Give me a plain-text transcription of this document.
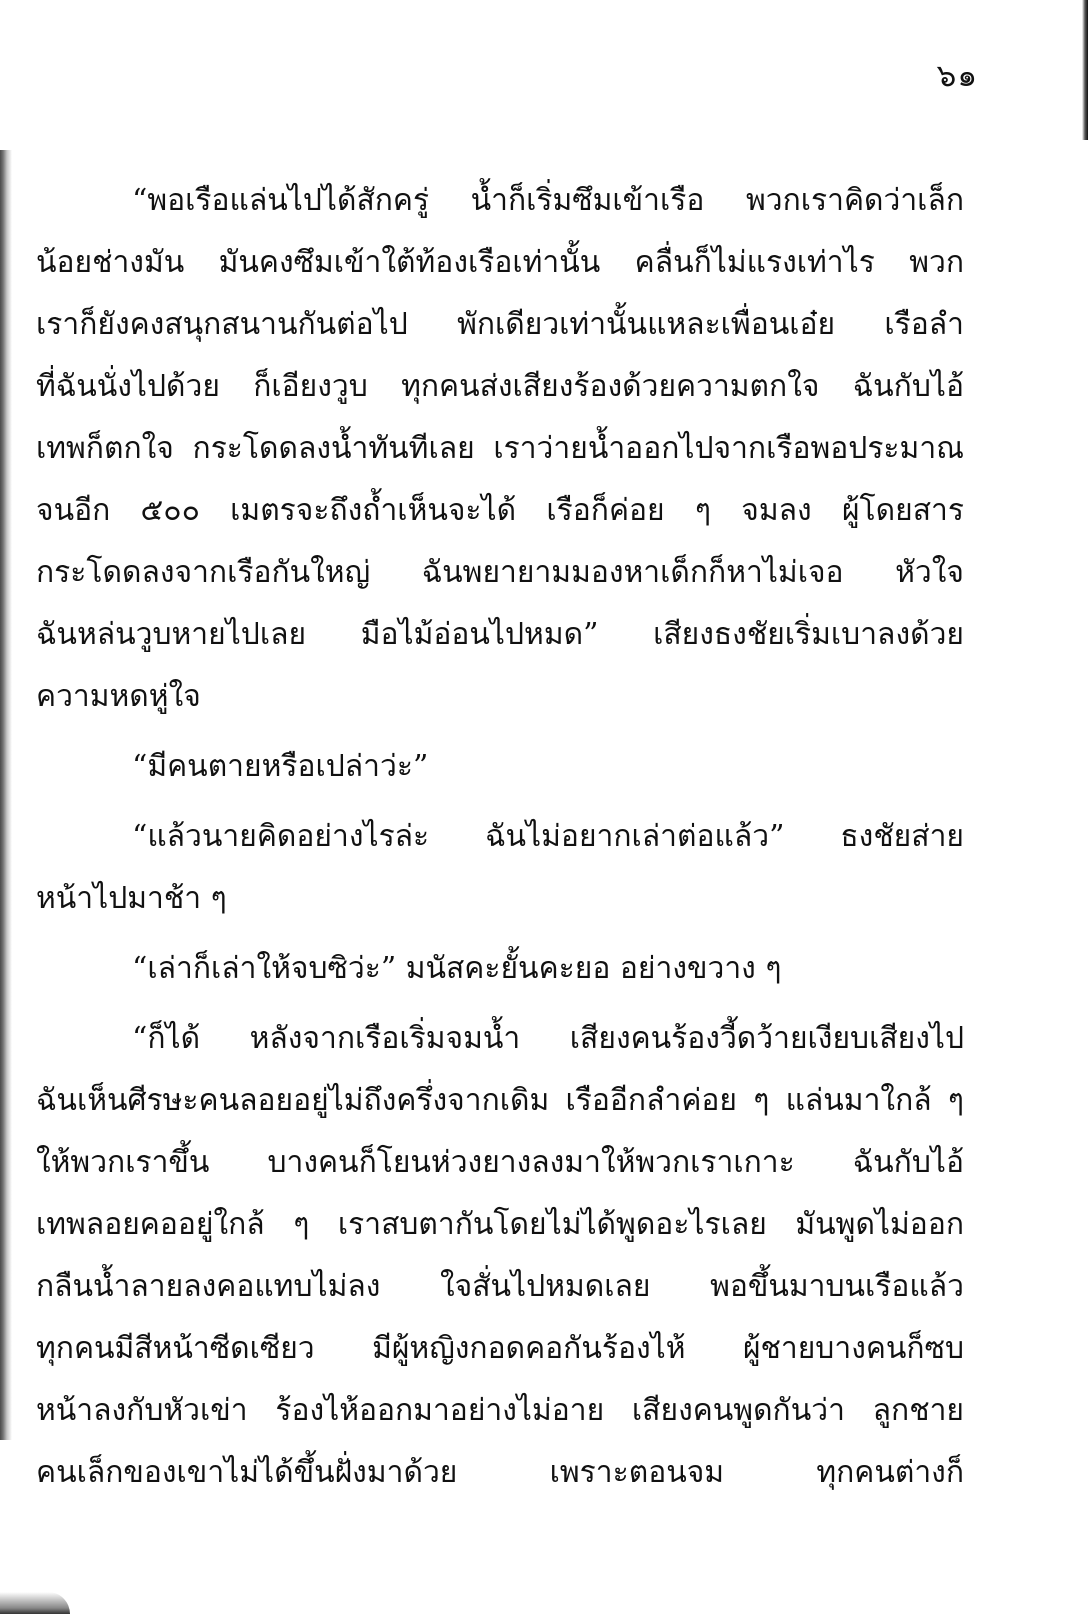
๖๑
“พอเรือแล่นไปได้สักครู่ น้ำก็เริ่มซึมเข้าเรือ พวกเราคิดว่าเล็ก
น้อยช่างมัน มันคงซึมเข้าใต้ท้องเรือเท่านั้น คลื่นก็ไม่แรงเท่าไร พวก
เราก็ยังคงสนุกสนานกันต่อไป พักเดียวเท่านั้นแหละเพื่อนเอ๋ย เรือลำ
ที่ฉันนั่งไปด้วย ก็เอียงวูบ ทุกคนส่งเสียงร้องด้วยความตกใจ ฉันกับไอ้
เทพก็ตกใจ กระโดดลงน้ำทันทีเลย เราว่ายน้ำออกไปจากเรือพอประมาณ
จนอีก ๕๐๐ เมตรจะถึงถ้ำเห็นจะได้ เรือก็ค่อย ๆ จมลง ผู้โดยสาร
กระโดดลงจากเรือกันใหญ่ ฉันพยายามมองหาเด็กก็หาไม่เจอ หัวใจ
ฉันหล่นวูบหายไปเลย มือไม้อ่อนไปหมด” เสียงธงชัยเริ่มเบาลงด้วย
ความหดหู่ใจ
“มีคนตายหรือเปล่าว่ะ”
“แล้วนายคิดอย่างไรล่ะ ฉันไม่อยากเล่าต่อแล้ว” ธงชัยส่าย
หน้าไปมาช้า ๆ
“เล่าก็เล่าให้จบซิว่ะ” มนัสคะยั้นคะยอ อย่างขวาง ๆ
“ก็ได้ หลังจากเรือเริ่มจมน้ำ เสียงคนร้องวี้ดว้ายเงียบเสียงไป
ฉันเห็นศีรษะคนลอยอยู่ไม่ถึงครึ่งจากเดิม เรืออีกลำค่อย ๆ แล่นมาใกล้ ๆ
ให้พวกเราขึ้น บางคนก็โยนห่วงยางลงมาให้พวกเราเกาะ ฉันกับไอ้
เทพลอยคออยู่ใกล้ ๆ เราสบตากันโดยไม่ได้พูดอะไรเลย มันพูดไม่ออก
กลืนน้ำลายลงคอแทบไม่ลง ใจสั่นไปหมดเลย พอขึ้นมาบนเรือแล้ว
ทุกคนมีสีหน้าซีดเซียว มีผู้หญิงกอดคอกันร้องไห้ ผู้ชายบางคนก็ซบ
หน้าลงกับหัวเข่า ร้องไห้ออกมาอย่างไม่อาย เสียงคนพูดกันว่า ลูกชาย
คนเล็กของเขาไม่ได้ขึ้นฝั่งมาด้วย เพราะตอนจม ทุกคนต่างก็
